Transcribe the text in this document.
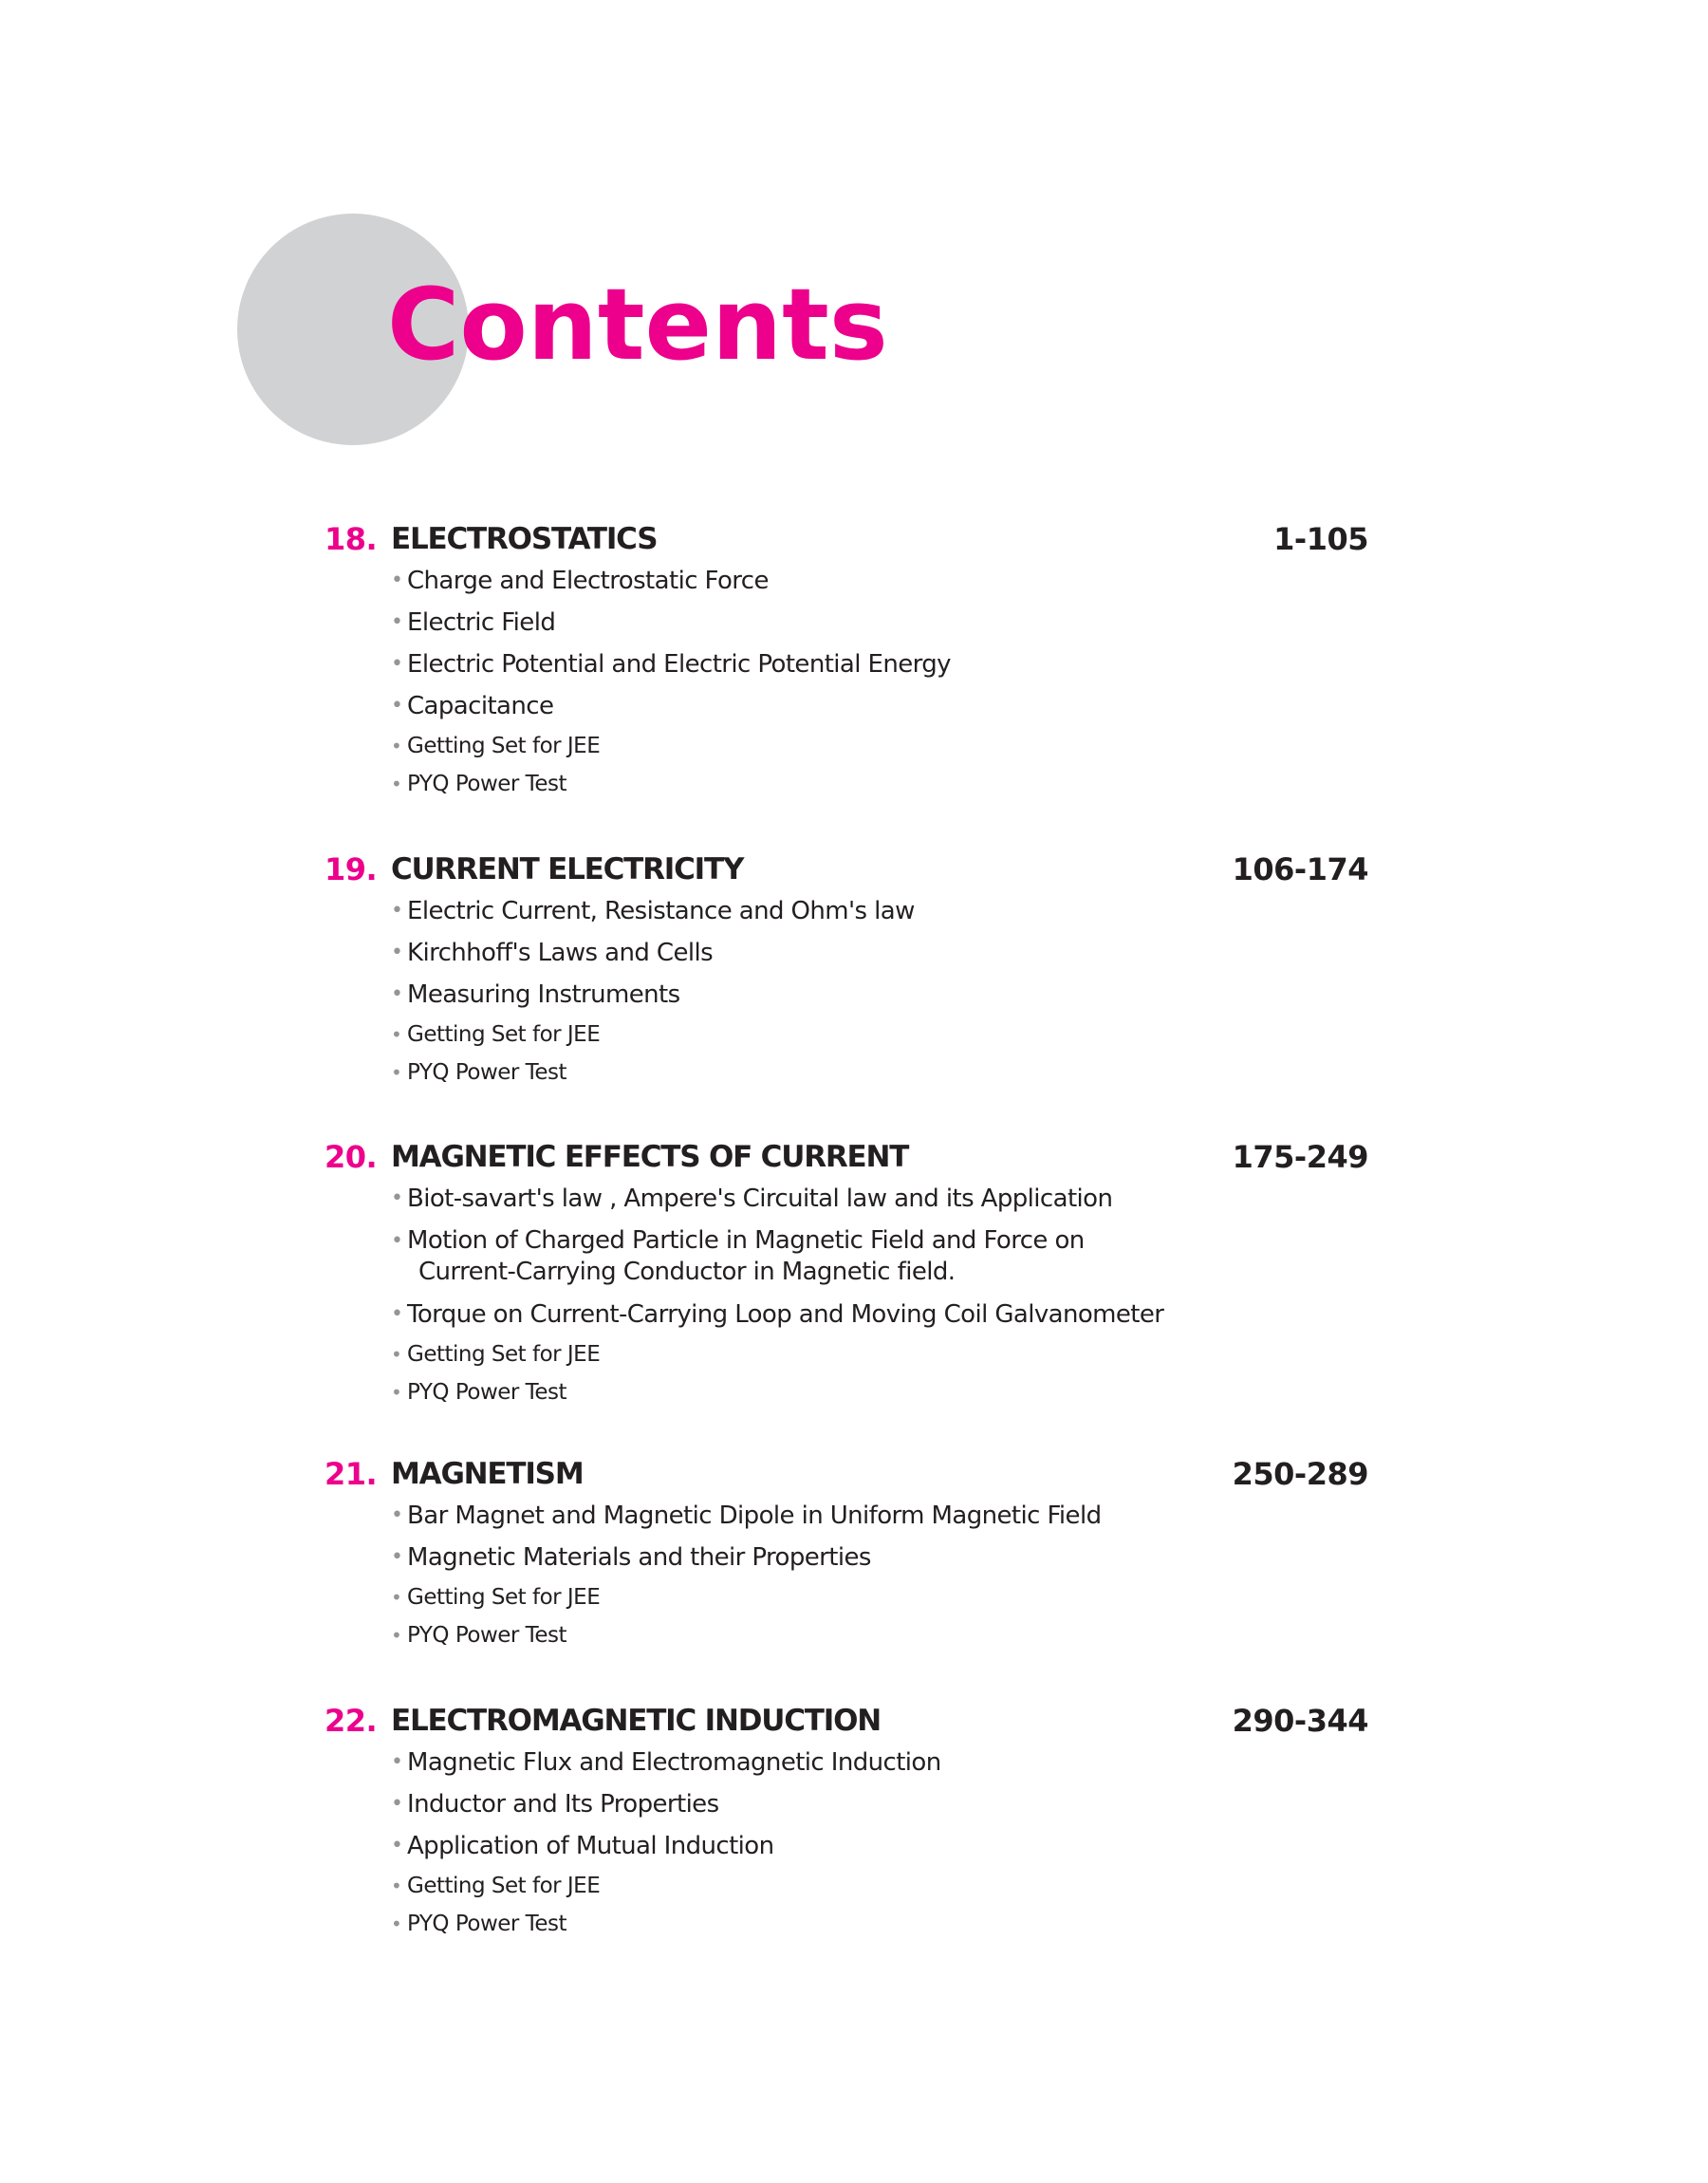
Contents
18. ELECTROSTATICS	1-105
• Charge and Electrostatic Force
• Electric Field
• Electric Potential and Electric Potential Energy
• Capacitance
• Getting Set for JEE
• PYQ Power Test
19. CURRENT ELECTRICITY	106-174
• Electric Current, Resistance and Ohm's law
• Kirchhoff's Laws and Cells
• Measuring Instruments
• Getting Set for JEE
• PYQ Power Test
20. MAGNETIC EFFECTS OF CURRENT	175-249
• Biot-savart's law , Ampere's Circuital law and its Application
• Motion of Charged Particle in Magnetic Field and Force on
Current-Carrying Conductor in Magnetic field.
• Torque on Current-Carrying Loop and Moving Coil Galvanometer
• Getting Set for JEE
• PYQ Power Test
21. MAGNETISM	250-289
• Bar Magnet and Magnetic Dipole in Uniform Magnetic Field
• Magnetic Materials and their Properties
• Getting Set for JEE
• PYQ Power Test
22. ELECTROMAGNETIC INDUCTION	290-344
• Magnetic Flux and Electromagnetic Induction
• Inductor and Its Properties
• Application of Mutual Induction
• Getting Set for JEE
• PYQ Power Test
